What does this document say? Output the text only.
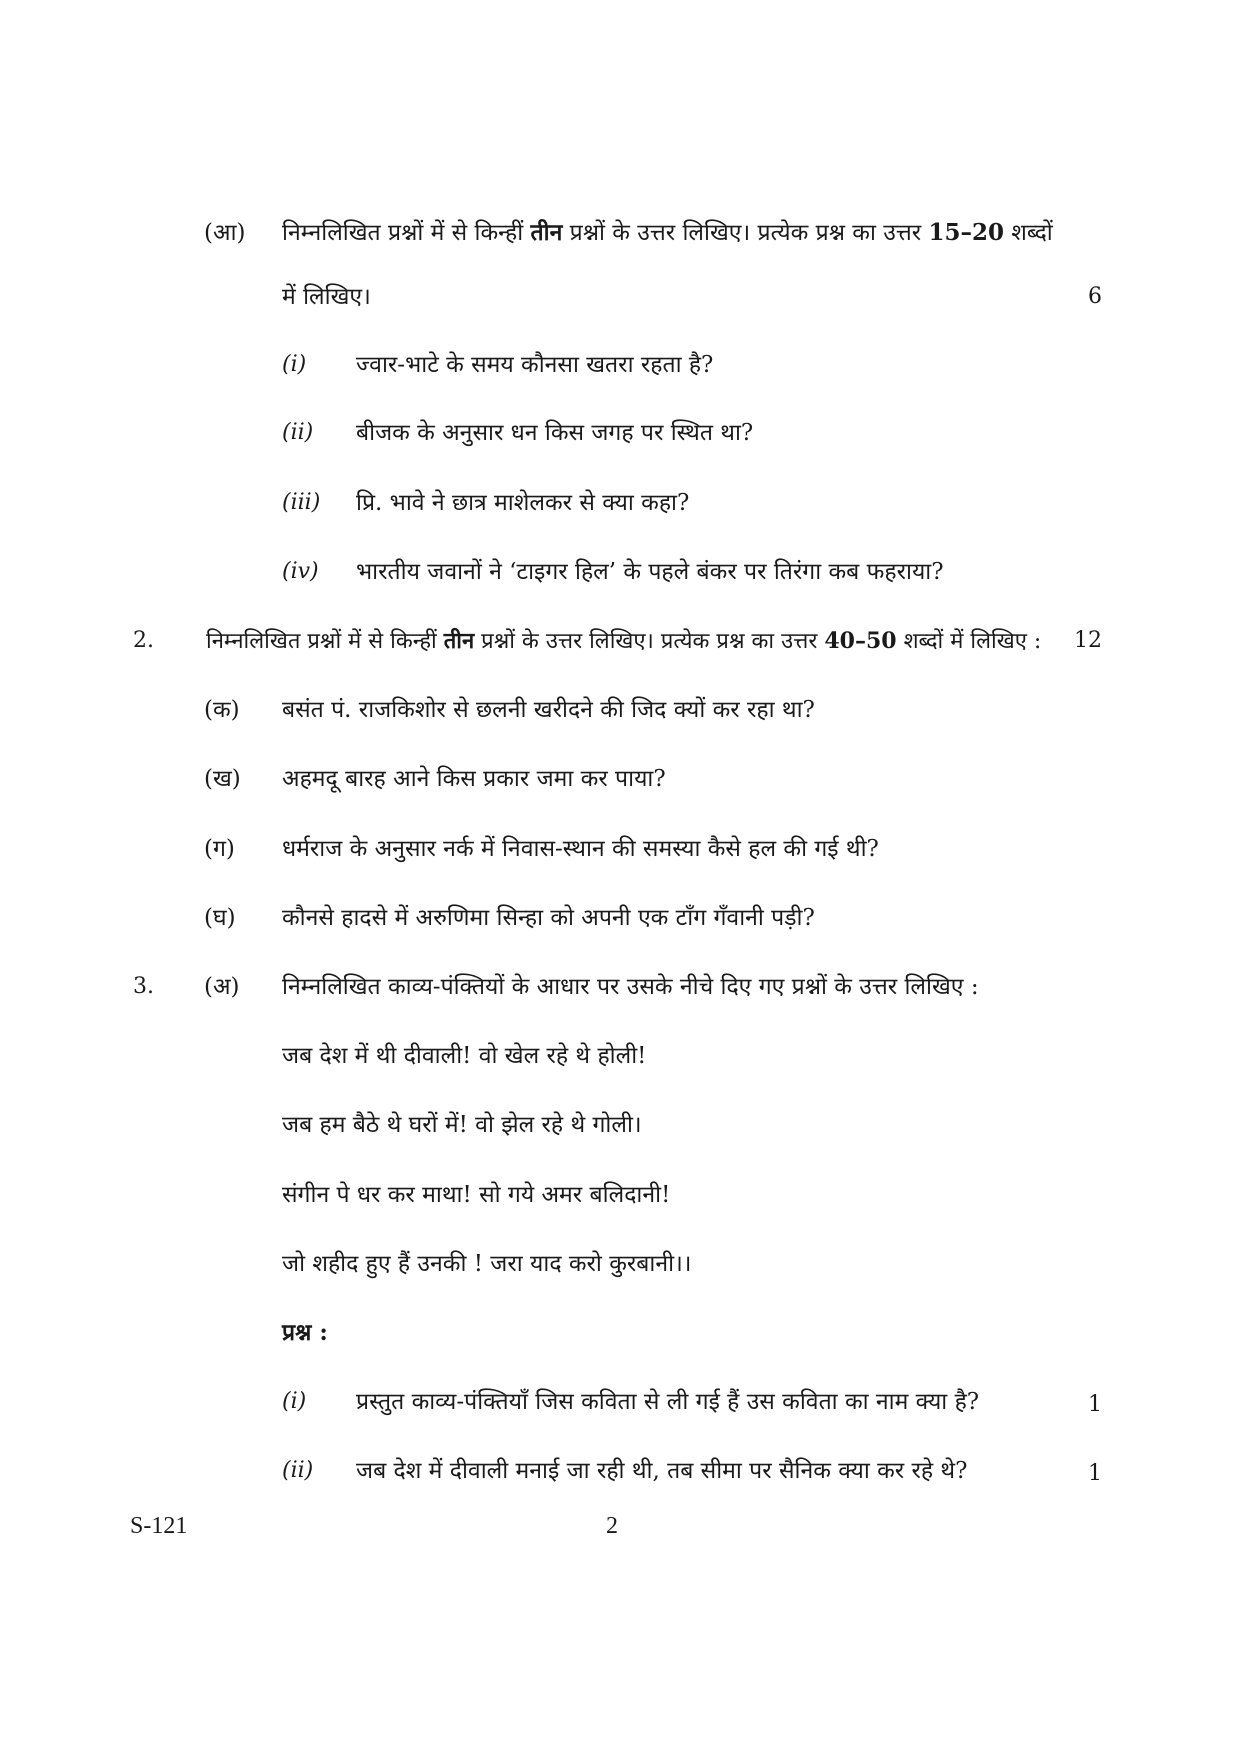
(आ) निम्नलिखित प्रश्नों में से किन्हीं तीन प्रश्नों के उत्तर लिखिए। प्रत्येक प्रश्न का उत्तर 15–20 शब्दों
में लिखिए।	6
(i) ज्वार-भाटे के समय कौनसा खतरा रहता है?
(ii) बीजक के अनुसार धन किस जगह पर स्थित था?
(iii) प्रि. भावे ने छात्र माशेलकर से क्या कहा?
(iv) भारतीय जवानों ने ‘टाइगर हिल’ के पहले बंकर पर तिरंगा कब फहराया?
2. निम्नलिखित प्रश्नों में से किन्हीं तीन प्रश्नों के उत्तर लिखिए। प्रत्येक प्रश्न का उत्तर 40–50 शब्दों में लिखिए :	12
(क) बसंत पं. राजकिशोर से छलनी खरीदने की जिद क्यों कर रहा था?
(ख) अहमदू बारह आने किस प्रकार जमा कर पाया?
(ग) धर्मराज के अनुसार नर्क में निवास-स्थान की समस्या कैसे हल की गई थी?
(घ) कौनसे हादसे में अरुणिमा सिन्हा को अपनी एक टाँग गँवानी पड़ी?
3. (अ) निम्नलिखित काव्य-पंक्तियों के आधार पर उसके नीचे दिए गए प्रश्नों के उत्तर लिखिए :
जब देश में थी दीवाली! वो खेल रहे थे होली!
जब हम बैठे थे घरों में! वो झेल रहे थे गोली।
संगीन पे धर कर माथा! सो गये अमर बलिदानी!
जो शहीद हुए हैं उनकी ! जरा याद करो कुरबानी।।
प्रश्न :
(i) प्रस्तुत काव्य-पंक्तियाँ जिस कविता से ली गई हैं उस कविता का नाम क्या है?	1
(ii) जब देश में दीवाली मनाई जा रही थी, तब सीमा पर सैनिक क्या कर रहे थे?	1
S-121	2
